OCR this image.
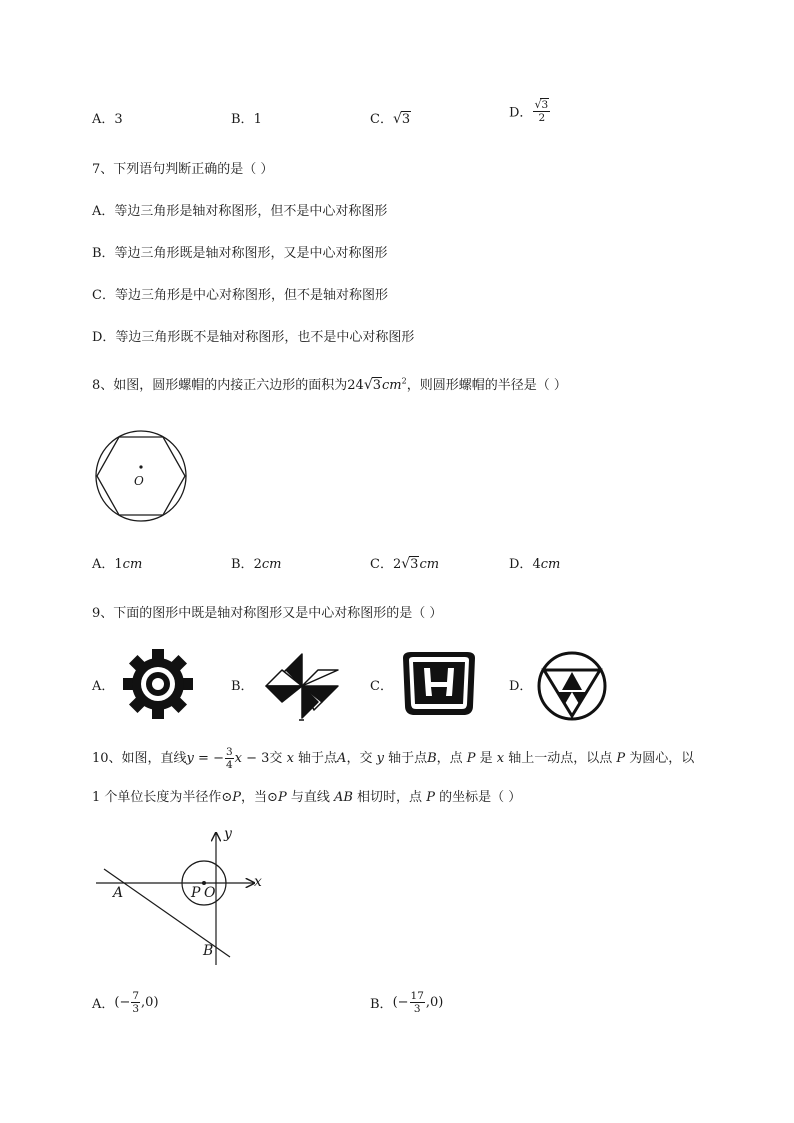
A．3	B．1	C．√3	D． $\frac{√3}{2}$
7、下列语句判断正确的是（ ）
A．等边三角形是轴对称图形，但不是中心对称图形
B．等边三角形既是轴对称图形，又是中心对称图形
C．等边三角形是中心对称图形，但不是轴对称图形
D．等边三角形既不是轴对称图形，也不是中心对称图形
8、如图，圆形螺帽的内接正六边形的面积为$24√3cm^2$，则圆形螺帽的半径是（ ）
O
A．1cm	B．2cm	C．2√3cm	D．4cm
9、下面的图形中既是轴对称图形又是中心对称图形的是（ ）
A．	B．	C．	D．
10、如图，直线y = − $\frac{3}{4}$ x − 3交 x 轴于点A，交 y 轴于点B，点 P 是 x 轴上一动点，以点 P 为圆心，以
1 个单位长度为半径作⊙P，当⊙P 与直线 AB 相切时，点 P 的坐标是（ ）
A
B
P O
x
y
A．(− $\frac{7}{3} ,0$)	B．(− $\frac{17}{3} ,0$)
